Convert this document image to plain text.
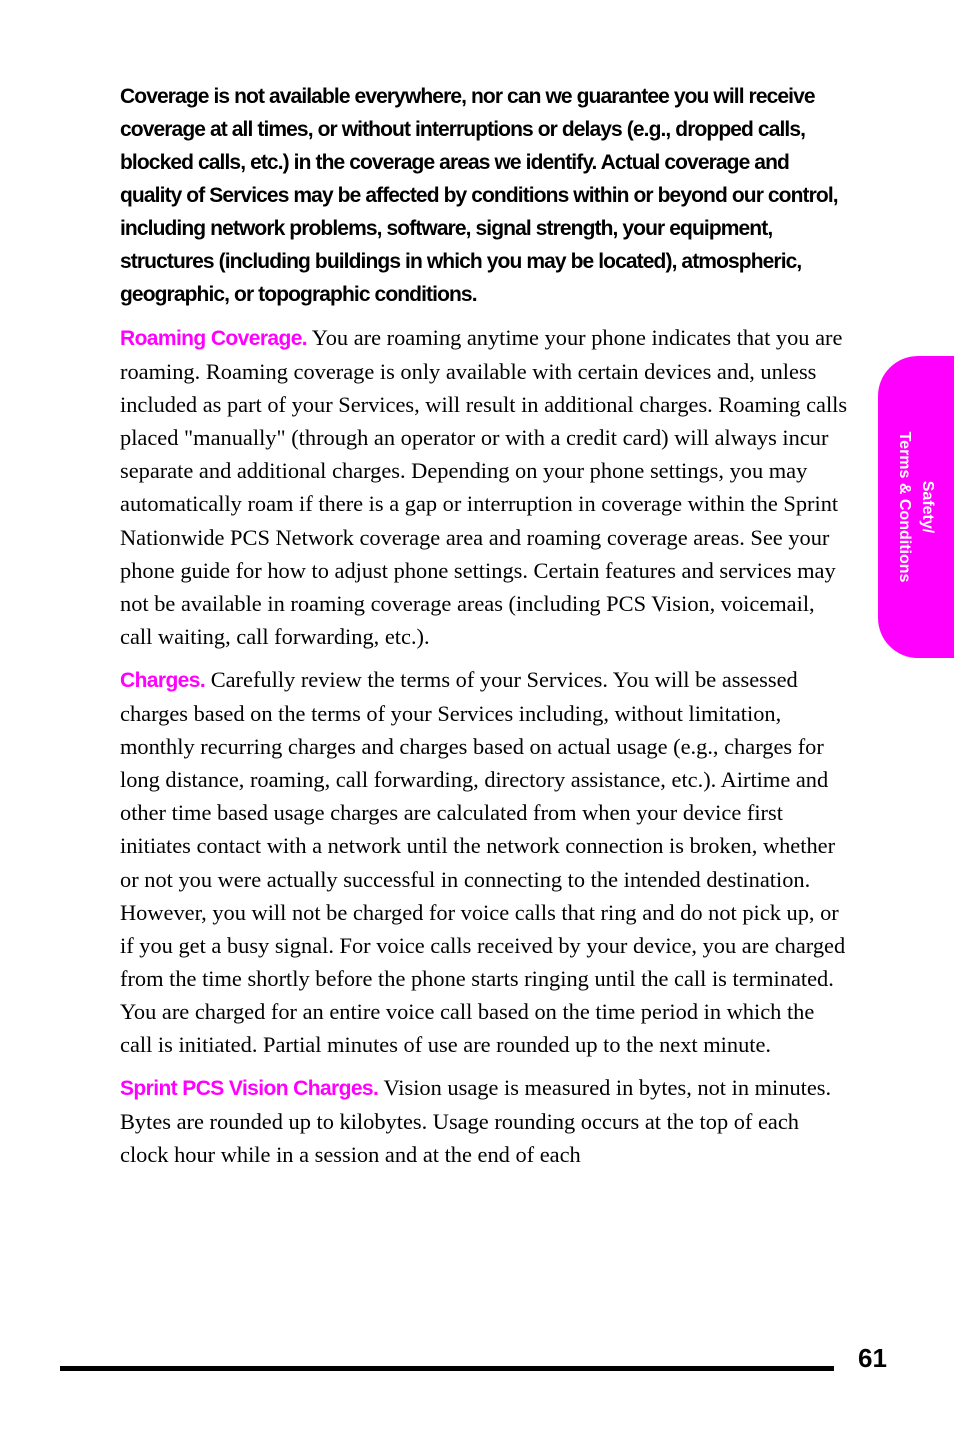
Coverage is not available everywhere, nor can we guarantee you will receive coverage at all times, or without interruptions or delays (e.g., dropped calls, blocked calls, etc.) in the coverage areas we identify. Actual coverage and quality of Services may be affected by conditions within or beyond our control, including network problems, software, signal strength, your equipment, structures (including buildings in which you may be located), atmospheric, geographic, or topographic conditions.

Roaming Coverage. You are roaming anytime your phone indicates that you are roaming. Roaming coverage is only available with certain devices and, unless included as part of your Services, will result in additional charges. Roaming calls placed "manually" (through an operator or with a credit card) will always incur separate and additional charges. Depending on your phone settings, you may automatically roam if there is a gap or interruption in coverage within the Sprint Nationwide PCS Network coverage area and roaming coverage areas. See your phone guide for how to adjust phone settings. Certain features and services may not be available in roaming coverage areas (including PCS Vision, voicemail, call waiting, call forwarding, etc.).

Charges. Carefully review the terms of your Services. You will be assessed charges based on the terms of your Services including, without limitation, monthly recurring charges and charges based on actual usage (e.g., charges for long distance, roaming, call forwarding, directory assistance, etc.). Airtime and other time based usage charges are calculated from when your device first initiates contact with a network until the network connection is broken, whether or not you were actually successful in connecting to the intended destination. However, you will not be charged for voice calls that ring and do not pick up, or if you get a busy signal. For voice calls received by your device, you are charged from the time shortly before the phone starts ringing until the call is terminated. You are charged for an entire voice call based on the time period in which the call is initiated. Partial minutes of use are rounded up to the next minute.

Sprint PCS Vision Charges. Vision usage is measured in bytes, not in minutes. Bytes are rounded up to kilobytes. Usage rounding occurs at the top of each clock hour while in a session and at the end of each

Safety/
Terms & Conditions
61
